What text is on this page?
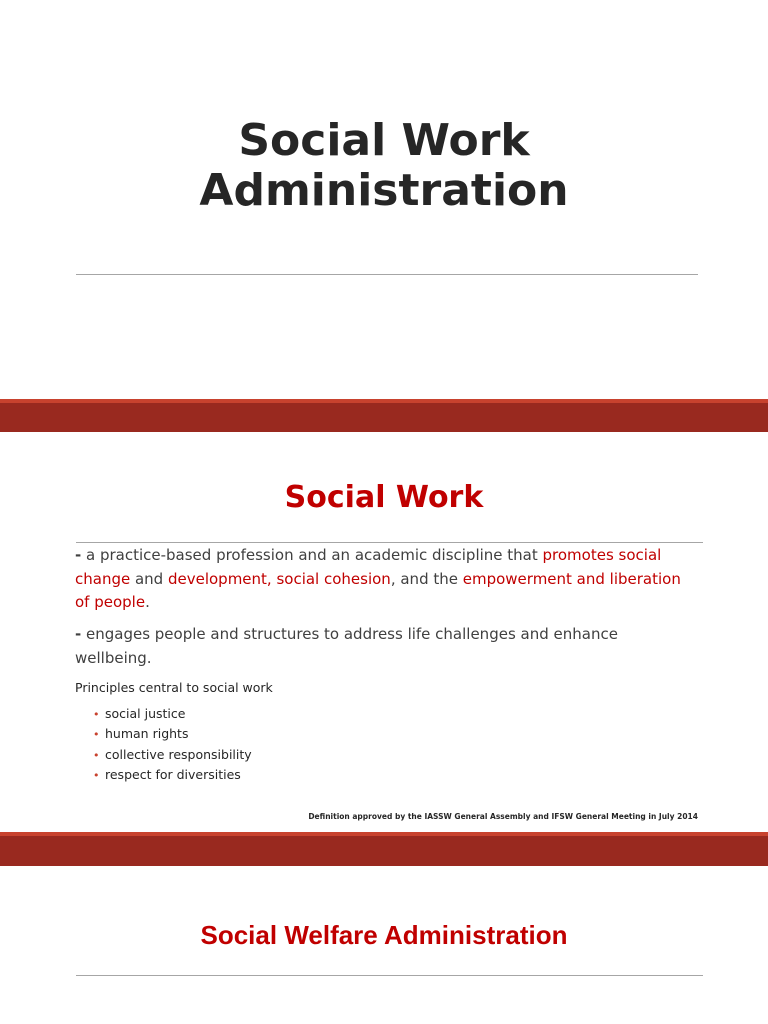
Social Work
Administration
Social Work
- a practice-based profession and an academic discipline that promotes social change and development, social cohesion, and the empowerment and liberation of people.
- engages people and structures to address life challenges and enhance wellbeing.
Principles central to social work
• social justice
• human rights
• collective responsibility
• respect for diversities
Definition approved by the IASSW General Assembly and IFSW General Meeting in July 2014
Social Welfare Administration
